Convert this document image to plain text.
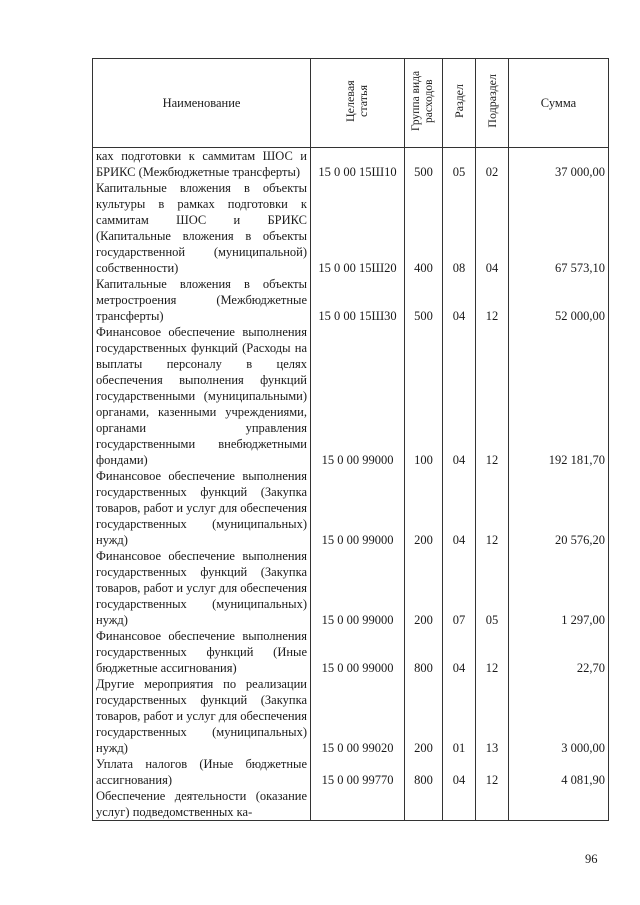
Наименование	Целевая статья	Группа вида расходов	Раздел	Подраздел	Сумма
ках подготовки к саммитам ШОС и БРИКС (Межбюджетные трансферты)	15 0 00 15Ш10	500	05	02	37 000,00
Капитальные вложения в объекты культуры в рамках подготовки к саммитам ШОС и БРИКС (Капитальные вложения в объекты государственной (муниципальной) собственности)	15 0 00 15Ш20	400	08	04	67 573,10
Капитальные вложения в объекты метростроения (Межбюджетные трансферты)	15 0 00 15Ш30	500	04	12	52 000,00
Финансовое обеспечение выполнения государственных функций (Расходы на выплаты персоналу в целях обеспечения выполнения функций государственными (муниципальными) органами, казенными учреждениями, органами управления государственными внебюджетными фондами)	15 0 00 99000	100	04	12	192 181,70
Финансовое обеспечение выполнения государственных функций (Закупка товаров, работ и услуг для обеспечения государственных (муниципальных) нужд)	15 0 00 99000	200	04	12	20 576,20
Финансовое обеспечение выполнения государственных функций (Закупка товаров, работ и услуг для обеспечения государственных (муниципальных) нужд)	15 0 00 99000	200	07	05	1 297,00
Финансовое обеспечение выполнения государственных функций (Иные бюджетные ассигнования)	15 0 00 99000	800	04	12	22,70
Другие мероприятия по реализации государственных функций (Закупка товаров, работ и услуг для обеспечения государственных (муниципальных) нужд)	15 0 00 99020	200	01	13	3 000,00
Уплата налогов (Иные бюджетные ассигнования)	15 0 00 99770	800	04	12	4 081,90
Обеспечение деятельности (оказание услуг) подведомственных ка-					
96
